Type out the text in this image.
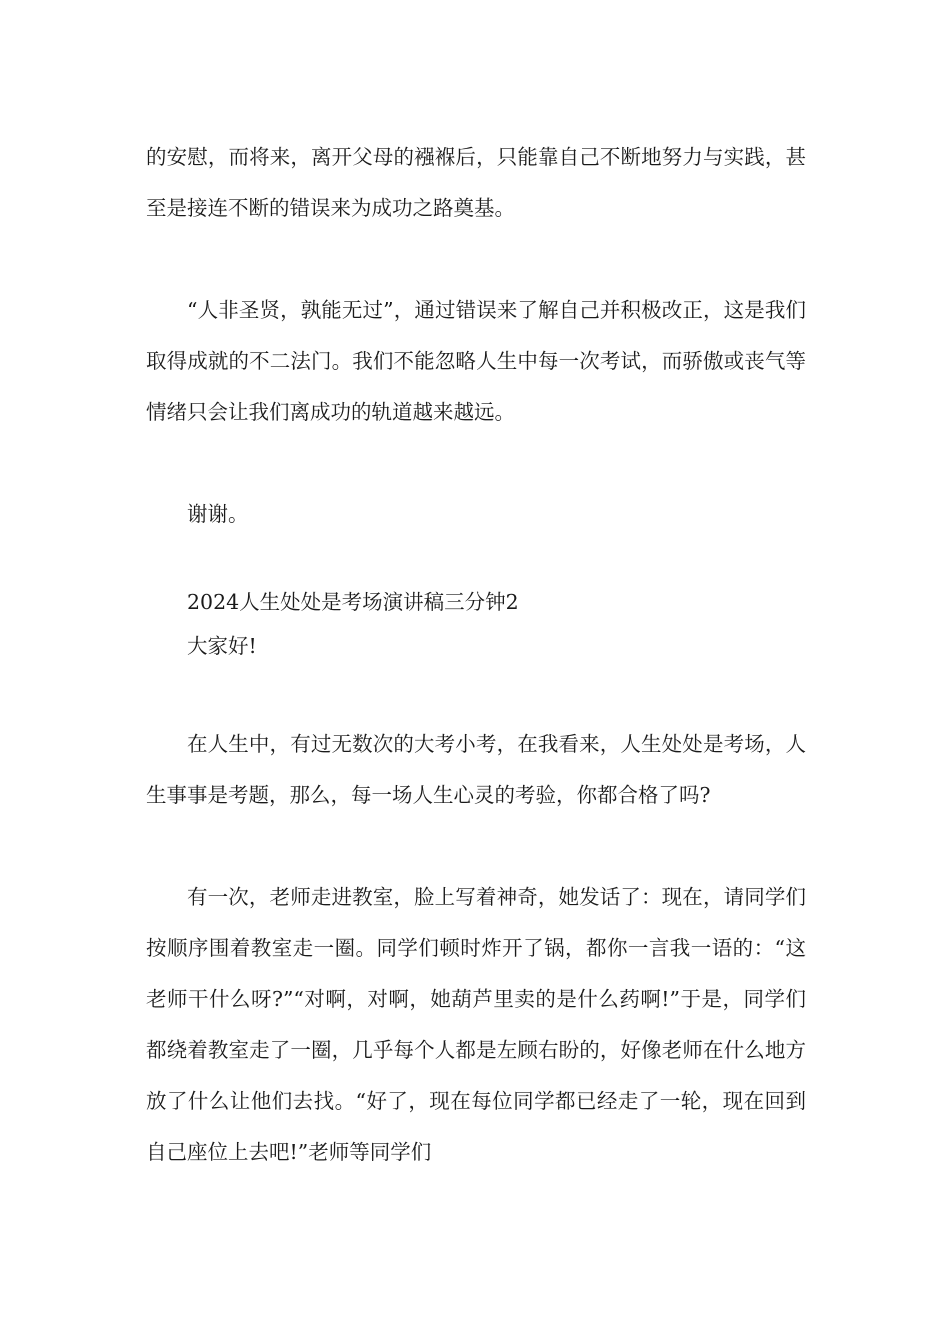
的安慰，而将来，离开父母的襁褓后，只能靠自己不断地努力与实践，甚至是接连不断的错误来为成功之路奠基。

“人非圣贤，孰能无过”，通过错误来了解自己并积极改正，这是我们取得成就的不二法门。我们不能忽略人生中每一次考试，而骄傲或丧气等情绪只会让我们离成功的轨道越来越远。

谢谢。

2024人生处处是考场演讲稿三分钟2

大家好!

在人生中，有过无数次的大考小考，在我看来，人生处处是考场，人生事事是考题，那么，每一场人生心灵的考验，你都合格了吗?

有一次，老师走进教室，脸上写着神奇，她发话了：现在，请同学们按顺序围着教室走一圈。同学们顿时炸开了锅，都你一言我一语的：“这老师干什么呀?”“对啊，对啊，她葫芦里卖的是什么药啊!”于是，同学们都绕着教室走了一圈，几乎每个人都是左顾右盼的，好像老师在什么地方放了什么让他们去找。“好了，现在每位同学都已经走了一轮，现在回到自己座位上去吧!”老师等同学们
